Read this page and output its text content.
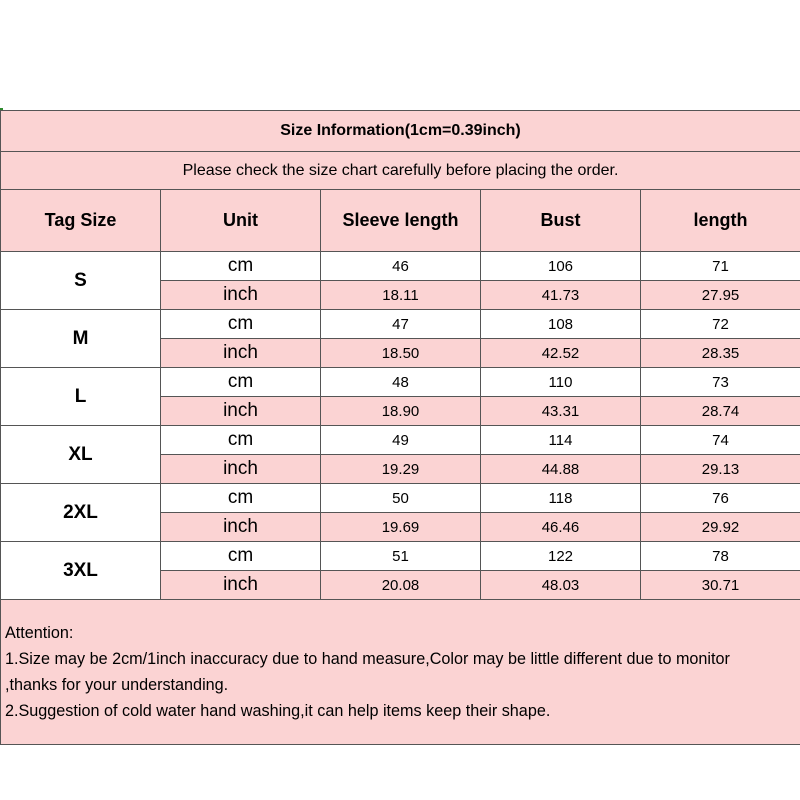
Size Information(1cm=0.39inch)				
Please check the size chart carefully before placing the order.				
Tag Size	Unit	Sleeve length	Bust	length
S	cm	46	106	71
	inch	18.11	41.73	27.95
M	cm	47	108	72
	inch	18.50	42.52	28.35
L	cm	48	110	73
	inch	18.90	43.31	28.74
XL	cm	49	114	74
	inch	19.29	44.88	29.13
2XL	cm	50	118	76
	inch	19.69	46.46	29.92
3XL	cm	51	122	78
	inch	20.08	48.03	30.71

Attention:
1.Size may be 2cm/1inch inaccuracy due to hand measure,Color may be little different due to monitor
,thanks for your understanding.
2.Suggestion of cold water hand washing,it can help items keep their shape.				
